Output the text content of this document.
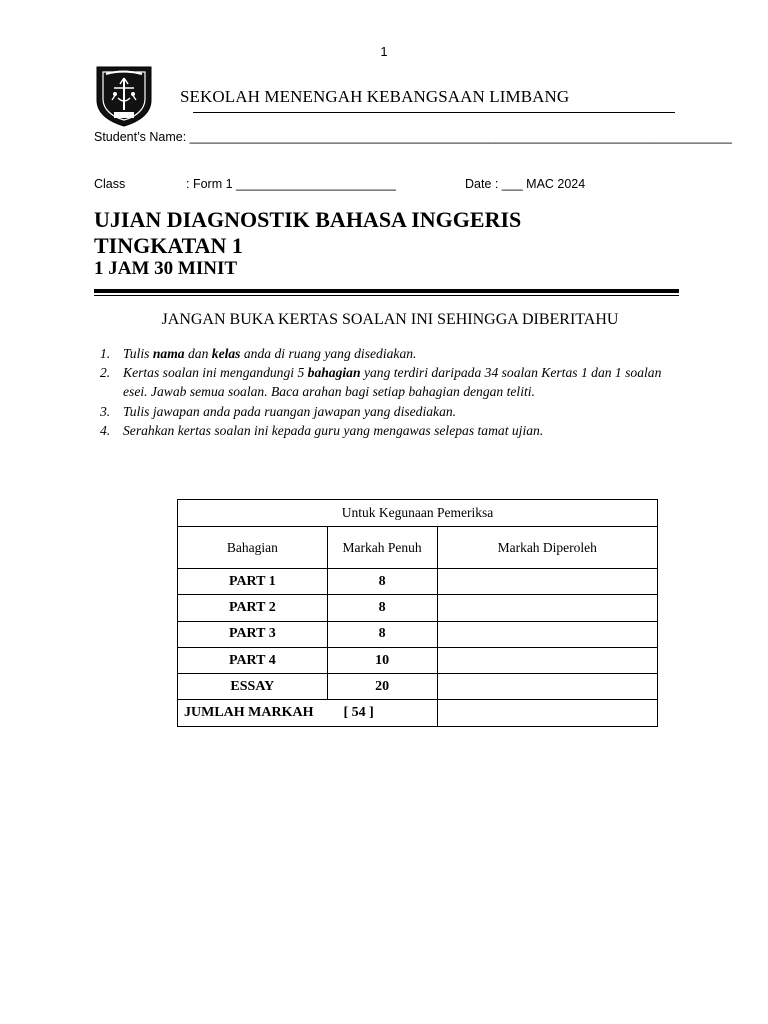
1
SEKOLAH MENENGAH KEBANGSAAN LIMBANG
Student’s Name: ______________________________________________________________________________
Class	: Form 1 _______________________	Date : ___ MAC 2024
UJIAN DIAGNOSTIK BAHASA INGGERIS
TINGKATAN 1
1 JAM 30 MINIT
JANGAN BUKA KERTAS SOALAN INI SEHINGGA DIBERITAHU
1. Tulis nama dan kelas anda di ruang yang disediakan.
2. Kertas soalan ini mengandungi 5 bahagian yang terdiri daripada 34 soalan Kertas 1 dan 1 soalan esei. Jawab semua soalan. Baca arahan bagi setiap bahagian dengan teliti.
3. Tulis jawapan anda pada ruangan jawapan yang disediakan.
4. Serahkan kertas soalan ini kepada guru yang mengawas selepas tamat ujian.
Untuk Kegunaan Pemeriksa		
Bahagian	Markah Penuh	Markah Diperoleh
PART 1	8	
PART 2	8	
PART 3	8	
PART 4	10	
ESSAY	20	
JUMLAH MARKAH [ 54 ]		
